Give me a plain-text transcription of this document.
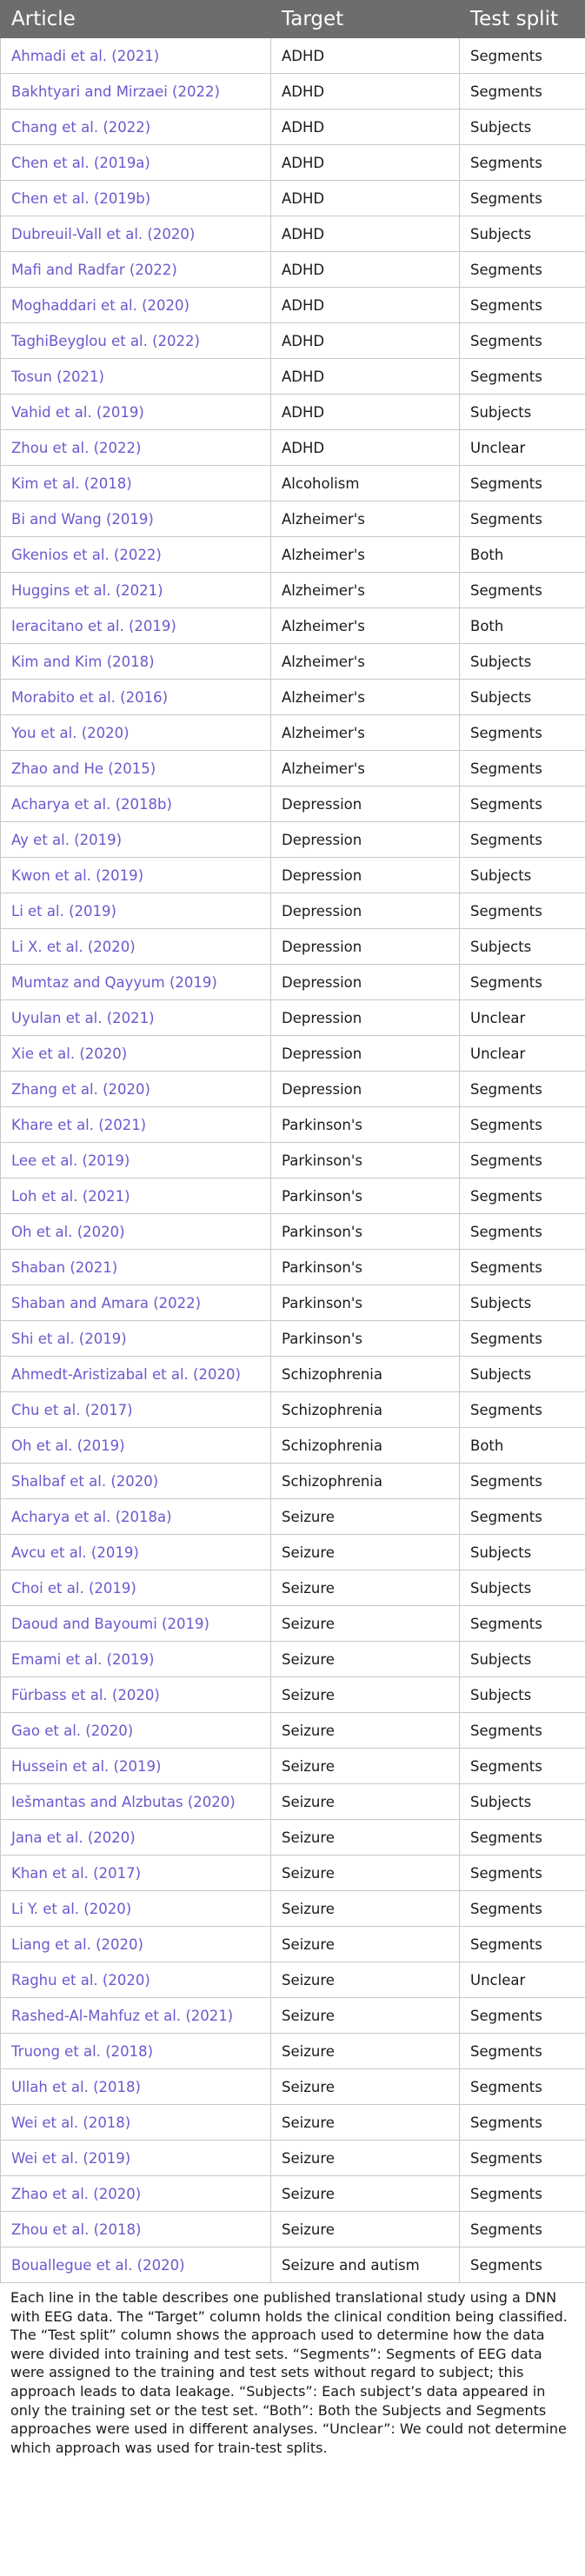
Article	Target	Test split
Ahmadi et al. (2021)	ADHD	Segments
Bakhtyari and Mirzaei (2022)	ADHD	Segments
Chang et al. (2022)	ADHD	Subjects
Chen et al. (2019a)	ADHD	Segments
Chen et al. (2019b)	ADHD	Segments
Dubreuil-Vall et al. (2020)	ADHD	Subjects
Mafi and Radfar (2022)	ADHD	Segments
Moghaddari et al. (2020)	ADHD	Segments
TaghiBeyglou et al. (2022)	ADHD	Segments
Tosun (2021)	ADHD	Segments
Vahid et al. (2019)	ADHD	Subjects
Zhou et al. (2022)	ADHD	Unclear
Kim et al. (2018)	Alcoholism	Segments
Bi and Wang (2019)	Alzheimer's	Segments
Gkenios et al. (2022)	Alzheimer's	Both
Huggins et al. (2021)	Alzheimer's	Segments
Ieracitano et al. (2019)	Alzheimer's	Both
Kim and Kim (2018)	Alzheimer's	Subjects
Morabito et al. (2016)	Alzheimer's	Subjects
You et al. (2020)	Alzheimer's	Segments
Zhao and He (2015)	Alzheimer's	Segments
Acharya et al. (2018b)	Depression	Segments
Ay et al. (2019)	Depression	Segments
Kwon et al. (2019)	Depression	Subjects
Li et al. (2019)	Depression	Segments
Li X. et al. (2020)	Depression	Subjects
Mumtaz and Qayyum (2019)	Depression	Segments
Uyulan et al. (2021)	Depression	Unclear
Xie et al. (2020)	Depression	Unclear
Zhang et al. (2020)	Depression	Segments
Khare et al. (2021)	Parkinson's	Segments
Lee et al. (2019)	Parkinson's	Segments
Loh et al. (2021)	Parkinson's	Segments
Oh et al. (2020)	Parkinson's	Segments
Shaban (2021)	Parkinson's	Segments
Shaban and Amara (2022)	Parkinson's	Subjects
Shi et al. (2019)	Parkinson's	Segments
Ahmedt-Aristizabal et al. (2020)	Schizophrenia	Subjects
Chu et al. (2017)	Schizophrenia	Segments
Oh et al. (2019)	Schizophrenia	Both
Shalbaf et al. (2020)	Schizophrenia	Segments
Acharya et al. (2018a)	Seizure	Segments
Avcu et al. (2019)	Seizure	Subjects
Choi et al. (2019)	Seizure	Subjects
Daoud and Bayoumi (2019)	Seizure	Segments
Emami et al. (2019)	Seizure	Subjects
Fürbass et al. (2020)	Seizure	Subjects
Gao et al. (2020)	Seizure	Segments
Hussein et al. (2019)	Seizure	Segments
Iešmantas and Alzbutas (2020)	Seizure	Subjects
Jana et al. (2020)	Seizure	Segments
Khan et al. (2017)	Seizure	Segments
Li Y. et al. (2020)	Seizure	Segments
Liang et al. (2020)	Seizure	Segments
Raghu et al. (2020)	Seizure	Unclear
Rashed-Al-Mahfuz et al. (2021)	Seizure	Segments
Truong et al. (2018)	Seizure	Segments
Ullah et al. (2018)	Seizure	Segments
Wei et al. (2018)	Seizure	Segments
Wei et al. (2019)	Seizure	Segments
Zhao et al. (2020)	Seizure	Segments
Zhou et al. (2018)	Seizure	Segments
Bouallegue et al. (2020)	Seizure and autism	Segments
Each line in the table describes one published translational study using a DNN with EEG data. The “Target” column holds the clinical condition being classified. The “Test split” column shows the approach used to determine how the data were divided into training and test sets. “Segments”: Segments of EEG data were assigned to the training and test sets without regard to subject; this approach leads to data leakage. “Subjects”: Each subject’s data appeared in only the training set or the test set. “Both”: Both the Subjects and Segments approaches were used in different analyses. “Unclear”: We could not determine which approach was used for train-test splits.
